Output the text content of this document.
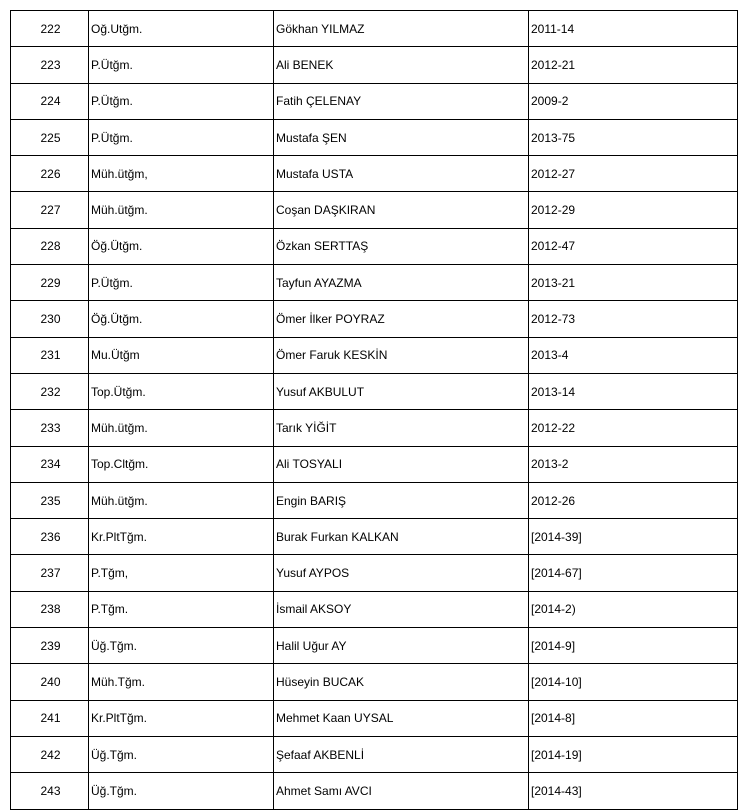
222	Oğ.Utğm.	Gökhan YILMAZ	2011-14
223	P.Ütğm.	Ali BENEK	2012-21
224	P.Ütğm.	Fatih ÇELENAY	2009-2
225	P.Ütğm.	Mustafa ŞEN	2013-75
226	Müh.ütğm,	Mustafa USTA	2012-27
227	Müh.ütğm.	Coşan DAŞKIRAN	2012-29
228	Öğ.Ütğm.	Özkan SERTTAŞ	2012-47
229	P.Ütğm.	Tayfun AYAZMA	2013-21
230	Öğ.Ütğm.	Ömer İlker POYRAZ	2012-73
231	Mu.Ütğm	Ömer Faruk KESKİN	2013-4
232	Top.Ütğm.	Yusuf AKBULUT	2013-14
233	Müh.ütğm.	Tarık YİĞİT	2012-22
234	Top.Cltğm.	Ali TOSYALI	2013-2
235	Müh.ütğm.	Engin BARIŞ	2012-26
236	Kr.PltTğm.	Burak Furkan KALKAN	[2014-39]
237	P.Tğm,	Yusuf AYPOS	[2014-67]
238	P.Tğm.	İsmail AKSOY	[2014-2)
239	Üğ.Tğm.	Halil Uğur AY	[2014-9]
240	Müh.Tğm.	Hüseyin BUCAK	[2014-10]
241	Kr.PltTğm.	Mehmet Kaan UYSAL	[2014-8]
242	Üğ.Tğm.	Şefaaf AKBENLİ	[2014-19]
243	Üğ.Tğm.	Ahmet Samı AVCI	[2014-43]
